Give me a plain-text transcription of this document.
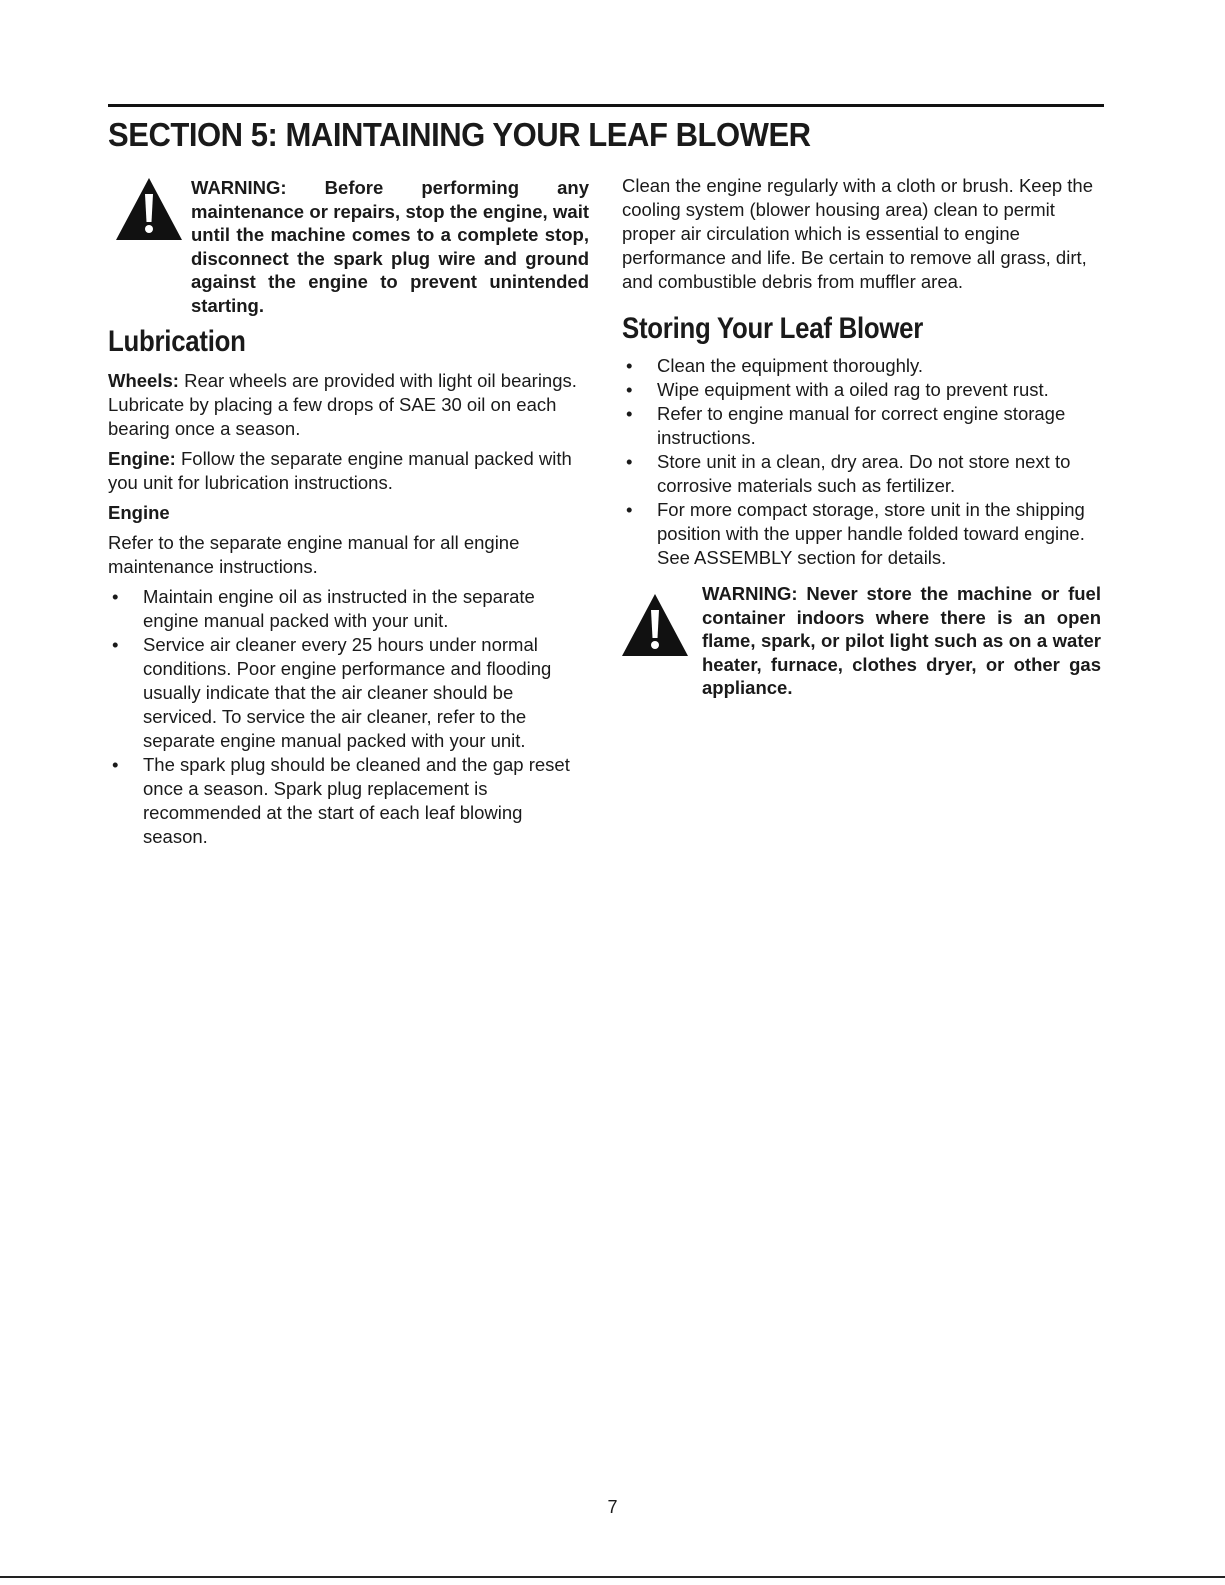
SECTION 5: MAINTAINING YOUR LEAF BLOWER

WARNING: Before performing any maintenance or repairs, stop the engine, wait until the machine comes to a complete stop, disconnect the spark plug wire and ground against the engine to prevent unintended starting.

Lubrication

Wheels: Rear wheels are provided with light oil bearings. Lubricate by placing a few drops of SAE 30 oil on each bearing once a season.

Engine: Follow the separate engine manual packed with you unit for lubrication instructions.

Engine

Refer to the separate engine manual for all engine maintenance instructions.

• Maintain engine oil as instructed in the separate engine manual packed with your unit.
• Service air cleaner every 25 hours under normal conditions. Poor engine performance and flooding usually indicate that the air cleaner should be serviced. To service the air cleaner, refer to the separate engine manual packed with your unit.
• The spark plug should be cleaned and the gap reset once a season. Spark plug replacement is recommended at the start of each leaf blowing season.

Clean the engine regularly with a cloth or brush. Keep the cooling system (blower housing area) clean to permit proper air circulation which is essential to engine performance and life. Be certain to remove all grass, dirt, and combustible debris from muffler area.

Storing Your Leaf Blower
• Clean the equipment thoroughly.
• Wipe equipment with a oiled rag to prevent rust.
• Refer to engine manual for correct engine storage instructions.
• Store unit in a clean, dry area. Do not store next to corrosive materials such as fertilizer.
• For more compact storage, store unit in the shipping position with the upper handle folded toward engine. See ASSEMBLY section for details.

WARNING: Never store the machine or fuel container indoors where there is an open flame, spark, or pilot light such as on a water heater, furnace, clothes dryer, or other gas appliance.

7
